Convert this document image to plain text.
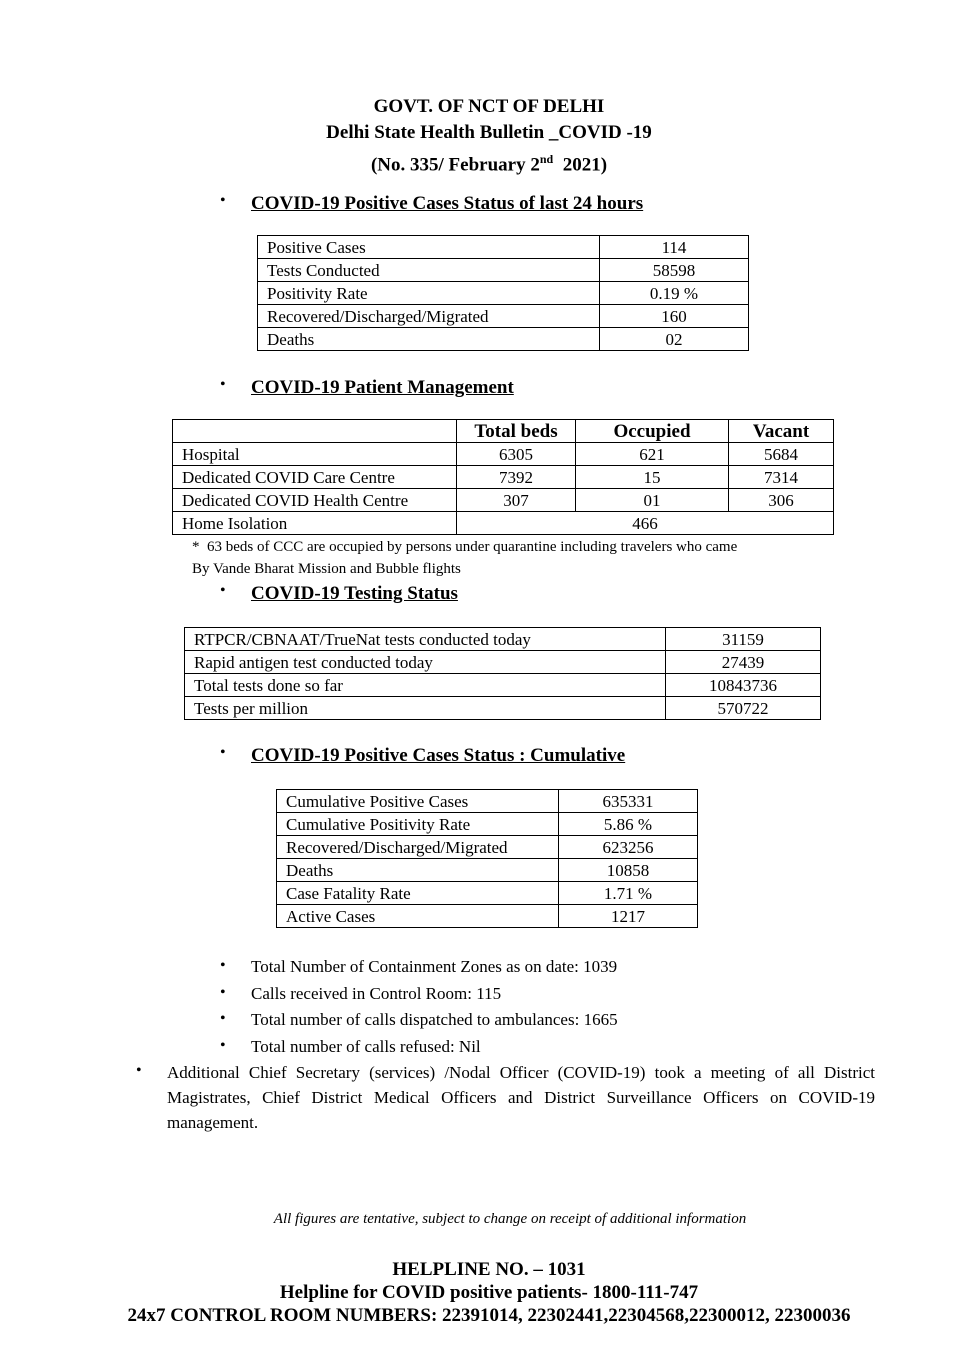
GOVT. OF NCT OF DELHI
Delhi State Health Bulletin _COVID -19
(No. 335/ February 2nd  2021)
• COVID-19 Positive Cases Status of last 24 hours
Positive Cases	114
Tests Conducted	58598
Positivity Rate	0.19 %
Recovered/Discharged/Migrated	160
Deaths	02
• COVID-19 Patient Management
	Total beds	Occupied	Vacant
Hospital	6305	621	5684
Dedicated COVID Care Centre	7392	15	7314
Dedicated COVID Health Centre	307	01	306
Home Isolation	466		
*  63 beds of CCC are occupied by persons under quarantine including travelers who came
By Vande Bharat Mission and Bubble flights
• COVID-19 Testing Status
RTPCR/CBNAAT/TrueNat tests conducted today	31159
Rapid antigen test conducted today	27439
Total tests done so far	10843736
Tests per million	570722
• COVID-19 Positive Cases Status : Cumulative
Cumulative Positive Cases	635331
Cumulative Positivity Rate	5.86 %
Recovered/Discharged/Migrated	623256
Deaths	10858
Case Fatality Rate	1.71 %
Active Cases	1217
• Total Number of Containment Zones as on date: 1039
• Calls received in Control Room: 115
• Total number of calls dispatched to ambulances: 1665
• Total number of calls refused: Nil
• Additional Chief Secretary (services) /Nodal Officer (COVID-19) took a meeting of all District Magistrates, Chief District Medical Officers and District Surveillance Officers on COVID-19 management.
All figures are tentative, subject to change on receipt of additional information
HELPLINE NO. – 1031
Helpline for COVID positive patients- 1800-111-747
24x7 CONTROL ROOM NUMBERS: 22391014, 22302441,22304568,22300012, 22300036
